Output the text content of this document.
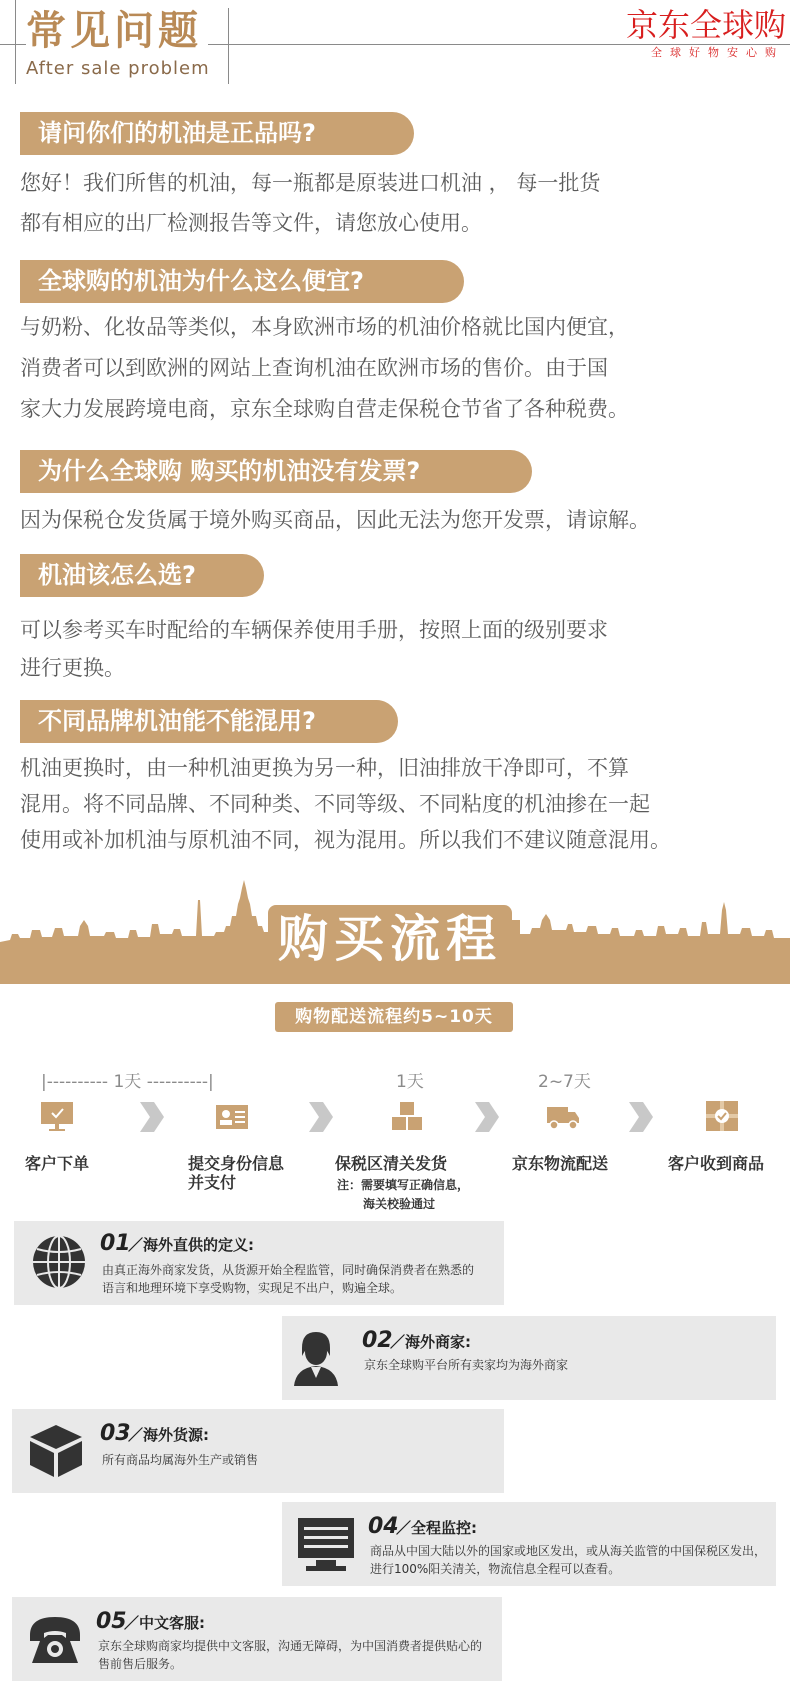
常见问题
After sale problem
京东全球购
全球好物安心购
请问你们的机油是正品吗?
您好！我们所售的机油，每一瓶都是原装进口机油 ， 每一批货
都有相应的出厂检测报告等文件，请您放心使用。
全球购的机油为什么这么便宜?
与奶粉、化妆品等类似，本身欧洲市场的机油价格就比国内便宜，
消费者可以到欧洲的网站上查询机油在欧洲市场的售价。由于国
家大力发展跨境电商，京东全球购自营走保税仓节省了各种税费。
为什么全球购 购买的机油没有发票?
因为保税仓发货属于境外购买商品，因此无法为您开发票，请谅解。
机油该怎么选?
可以参考买车时配给的车辆保养使用手册，按照上面的级别要求
进行更换。
不同品牌机油能不能混用?
机油更换时，由一种机油更换为另一种，旧油排放干净即可，不算
混用。将不同品牌、不同种类、不同等级、不同粘度的机油掺在一起
使用或补加机油与原机油不同，视为混用。所以我们不建议随意混用。
购买流程
购物配送流程约5~10天
|---------- 1天 ----------|	1天	2~7天
客户下单	提交身份信息
并支付
保税区清关发货
注：需要填写正确信息，
海关校验通过
京东物流配送	客户收到商品
01
／海外直供的定义:
由真正海外商家发货，从货源开始全程监管，同时确保消费者在熟悉的
语言和地理环境下享受购物，实现足不出户，购遍全球。
02
／海外商家:
京东全球购平台所有卖家均为海外商家
03
／海外货源:
所有商品均属海外生产或销售
04
／全程监控:
商品从中国大陆以外的国家或地区发出，或从海关监管的中国保税区发出，
进行100%阳关清关，物流信息全程可以查看。
05
／中文客服:
京东全球购商家均提供中文客服，沟通无障碍，为中国消费者提供贴心的
售前售后服务。
